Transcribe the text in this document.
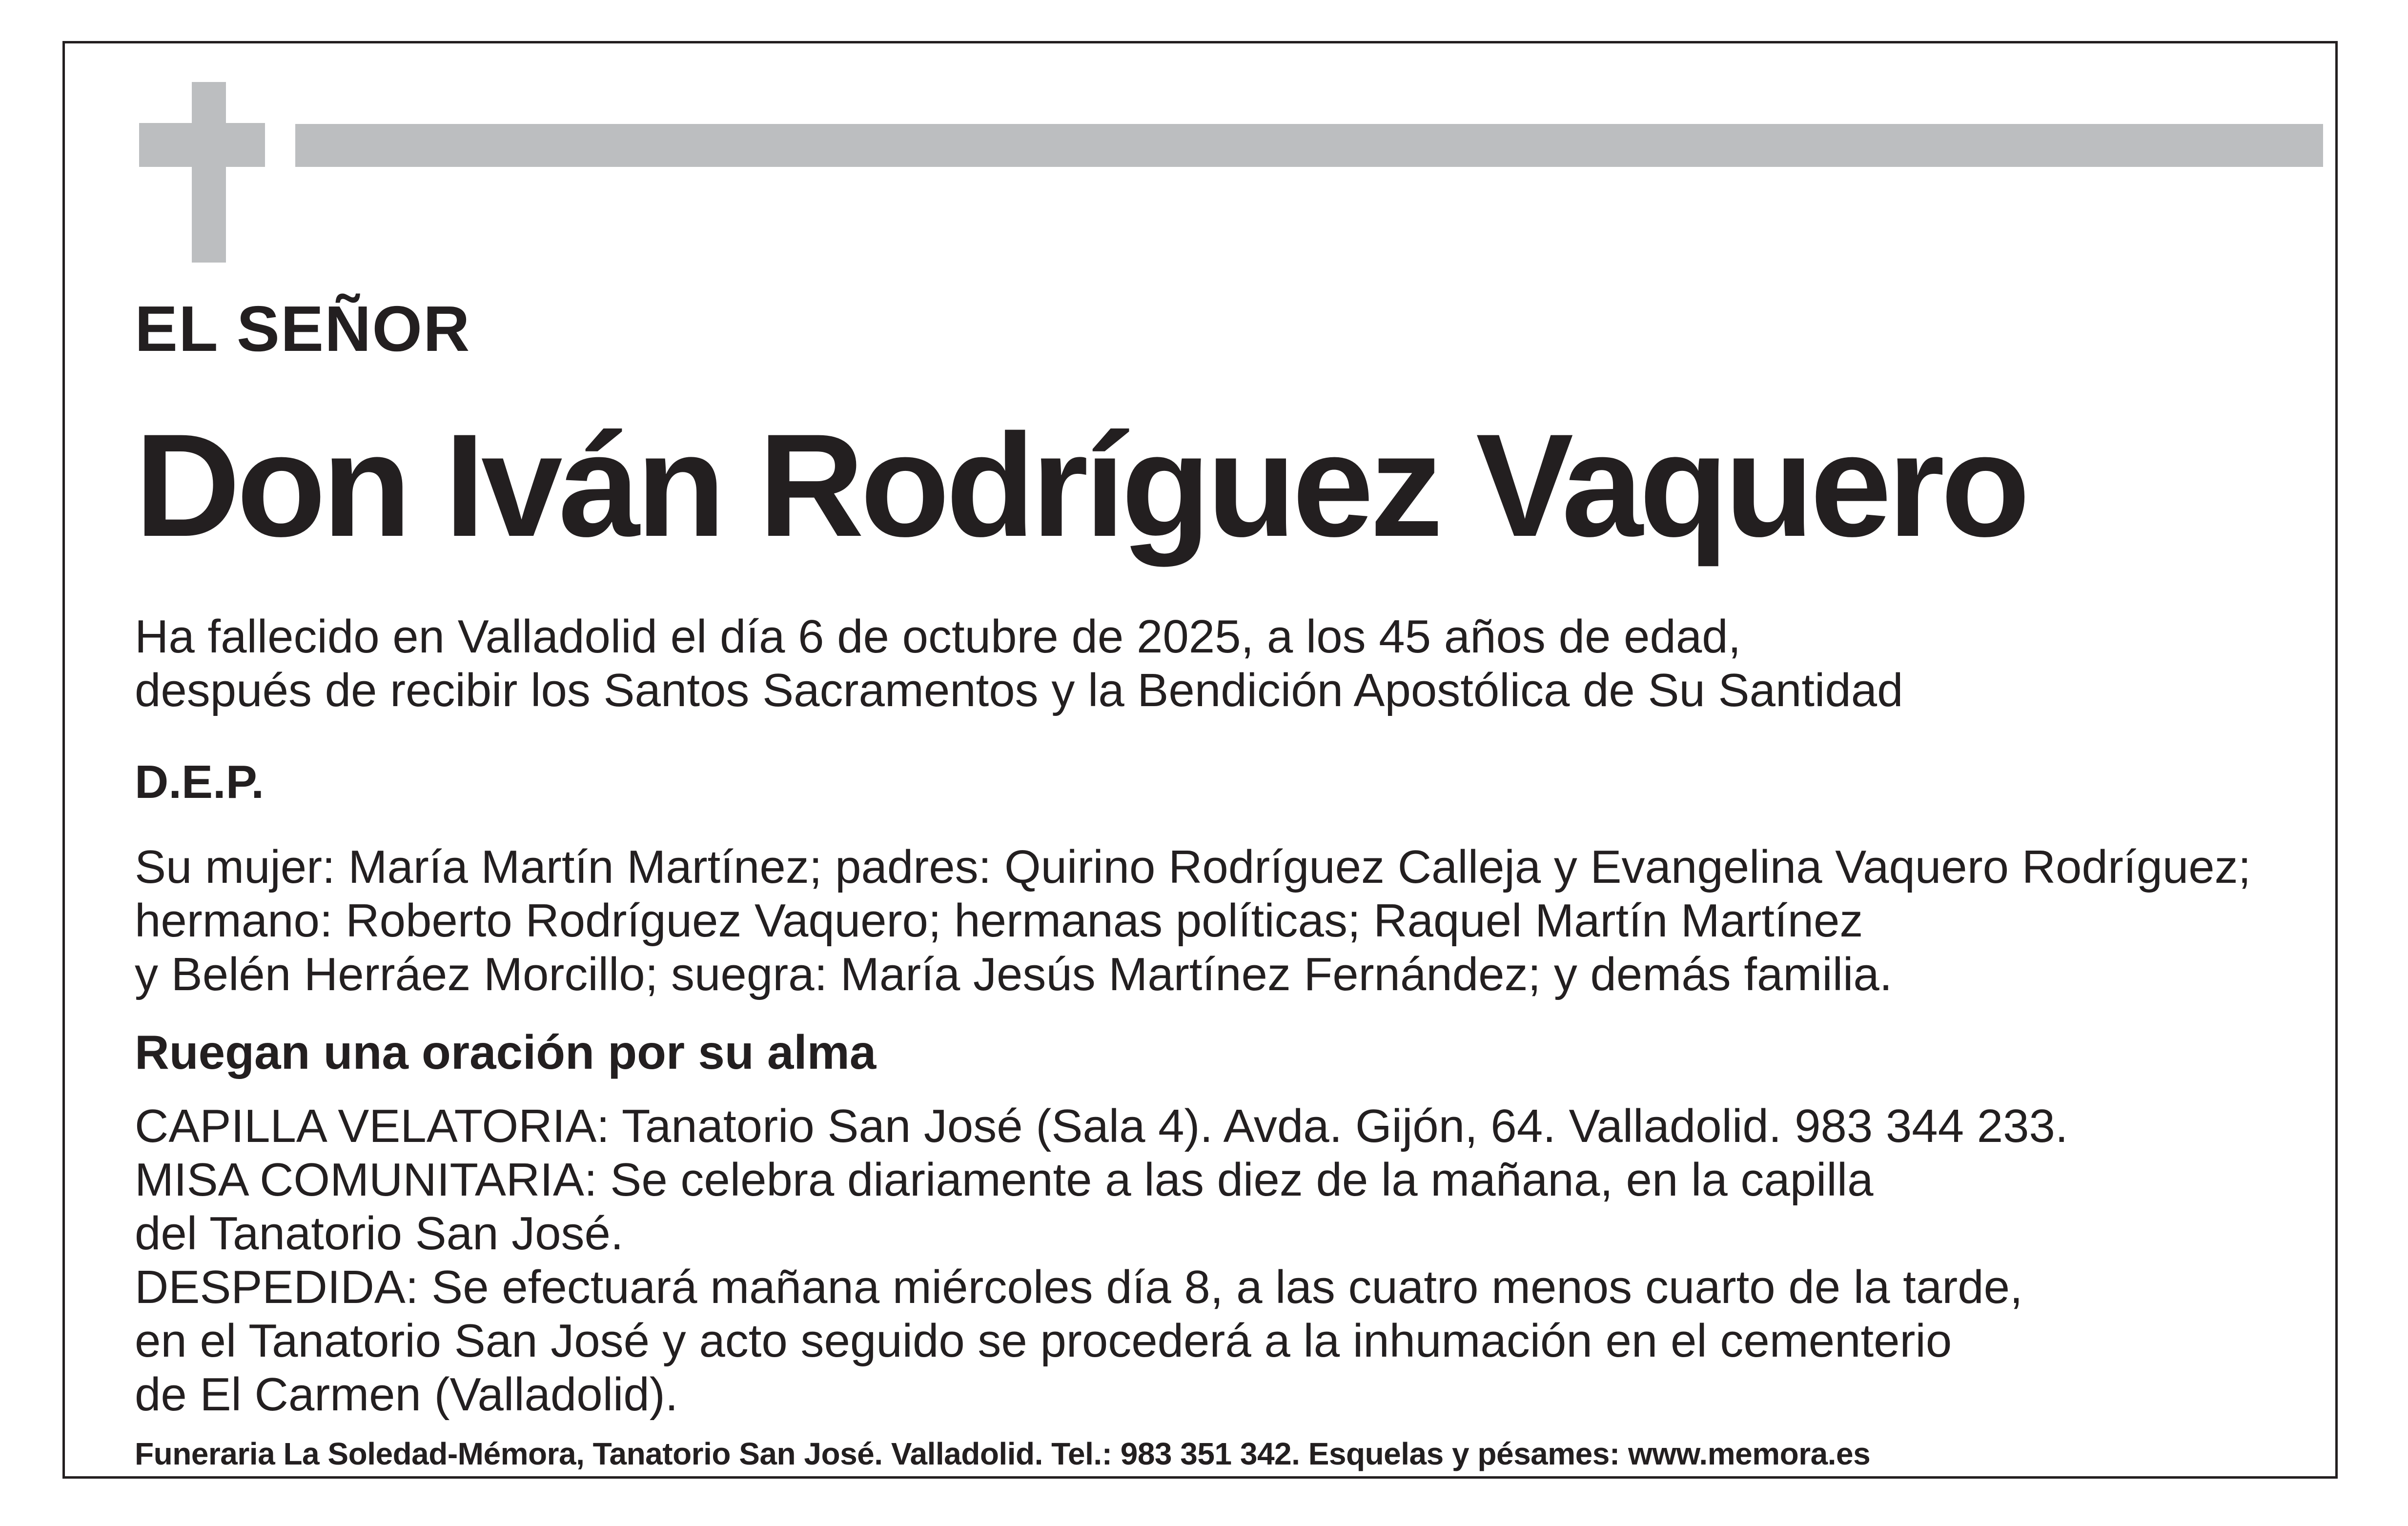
EL SEÑOR
Don Iván Rodríguez Vaquero
Ha fallecido en Valladolid el día 6 de octubre de 2025, a los 45 años de edad,
después de recibir los Santos Sacramentos y la Bendición Apostólica de Su Santidad
D.E.P.
Su mujer: María Martín Martínez; padres: Quirino Rodríguez Calleja y Evangelina Vaquero Rodríguez;
hermano: Roberto Rodríguez Vaquero; hermanas políticas; Raquel Martín Martínez
y Belén Herráez Morcillo; suegra: María Jesús Martínez Fernández; y demás familia.
Ruegan una oración por su alma
CAPILLA VELATORIA: Tanatorio San José (Sala 4). Avda. Gijón, 64. Valladolid. 983 344 233.
MISA COMUNITARIA: Se celebra diariamente a las diez de la mañana, en la capilla
del Tanatorio San José.
DESPEDIDA: Se efectuará mañana miércoles día 8, a las cuatro menos cuarto de la tarde,
en el Tanatorio San José y acto seguido se procederá a la inhumación en el cementerio
de El Carmen (Valladolid).
Funeraria La Soledad-Mémora, Tanatorio San José. Valladolid. Tel.: 983 351 342. Esquelas y pésames: www.memora.es
